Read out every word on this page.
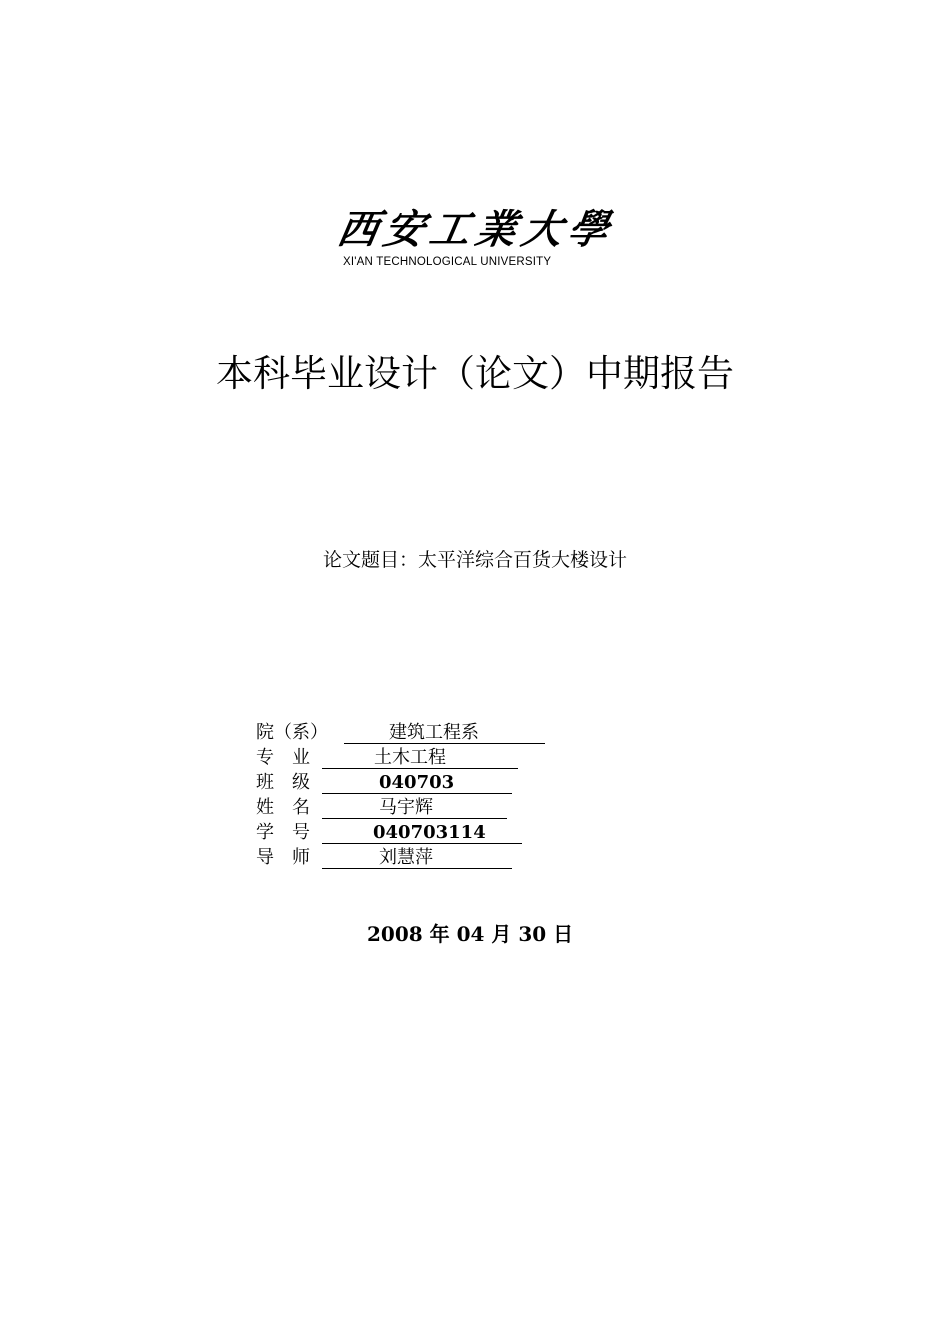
西安工業大學
XI'AN TECHNOLOGICAL UNIVERSITY
本科毕业设计（论文）中期报告
论文题目：太平洋综合百货大楼设计
院（系）	建筑工程系
专　业	土木工程
班　级	040703
姓　名	马宇辉
学　号	040703114
导　师	刘慧萍
2008 年 04 月 30 日
